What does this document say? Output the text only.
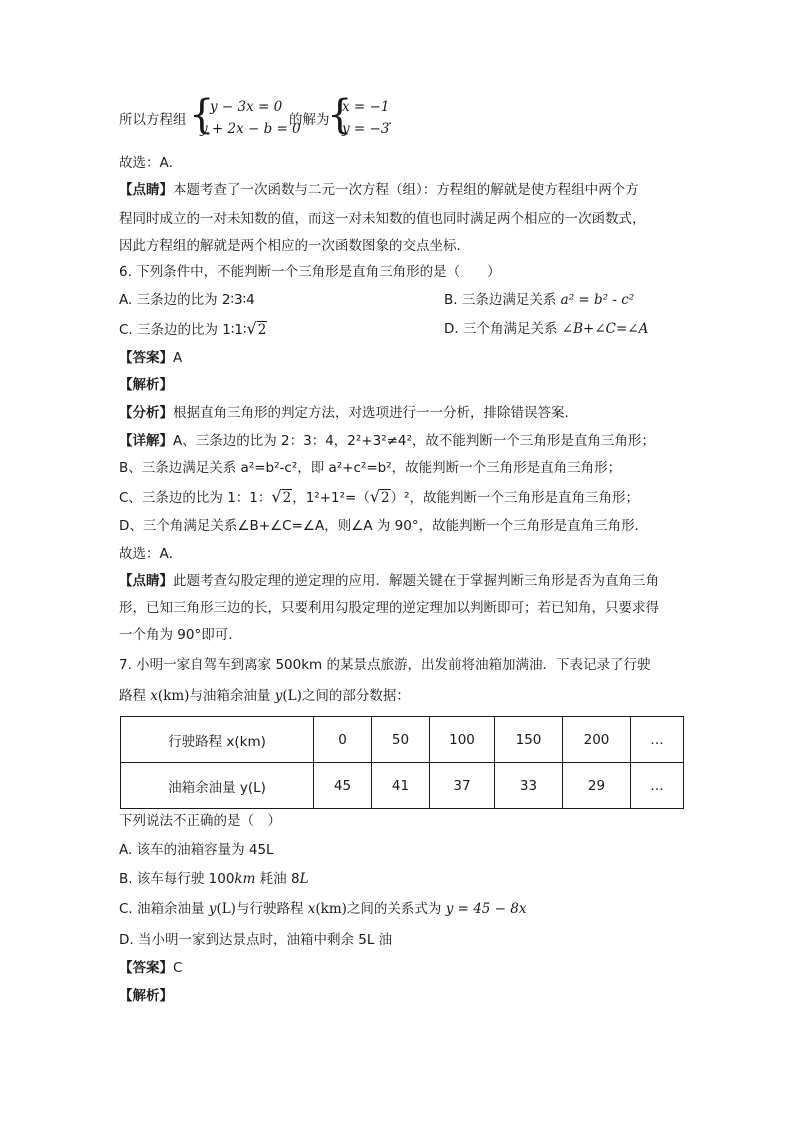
所以方程组 {
y − 3x = 0
y + 2x − b = 0
的解为
{
x = −1
y = −3
.
故选：A．
【点睛】本题考查了一次函数与二元一次方程（组）：方程组的解就是使方程组中两个方
程同时成立的一对未知数的值，而这一对未知数的值也同时满足两个相应的一次函数式，
因此方程组的解就是两个相应的一次函数图象的交点坐标．
6. 下列条件中，不能判断一个三角形是直角三角形的是（　　）
A. 三条边的比为 2∶3∶4	B. 三条边满足关系 a² = b² - c²
C. 三条边的比为 1∶1∶√2	D. 三个角满足关系 ∠B+∠C=∠A
【答案】A
【解析】
【分析】根据直角三角形的判定方法，对选项进行一一分析，排除错误答案．
【详解】A、三条边的比为 2：3：4，2²+3²≠4²，故不能判断一个三角形是直角三角形；
B、三条边满足关系 a²=b²-c²，即 a²+c²=b²，故能判断一个三角形是直角三角形；
C、三条边的比为 1：1：√2，1²+1²=（√2）²，故能判断一个三角形是直角三角形；
D、三个角满足关系∠B+∠C=∠A，则∠A 为 90°，故能判断一个三角形是直角三角形．
故选：A．
【点睛】此题考查勾股定理的逆定理的应用．解题关键在于掌握判断三角形是否为直角三角
形，已知三角形三边的长，只要利用勾股定理的逆定理加以判断即可；若已知角，只要求得
一个角为 90°即可．
7. 小明一家自驾车到离家 500km 的某景点旅游，出发前将油箱加满油．下表记录了行驶
路程 x(km)与油箱余油量 y(L)之间的部分数据：
行驶路程 x(km)	0	50	100	150	200	…
油箱余油量 y(L)	45	41	37	33	29	…
下列说法不正确的是（　）
A. 该车的油箱容量为 45L
B. 该车每行驶 100km 耗油 8L
C. 油箱余油量 y(L)与行驶路程 x(km)之间的关系式为 y = 45 − 8x
D. 当小明一家到达景点时，油箱中剩余 5L 油
【答案】C
【解析】
